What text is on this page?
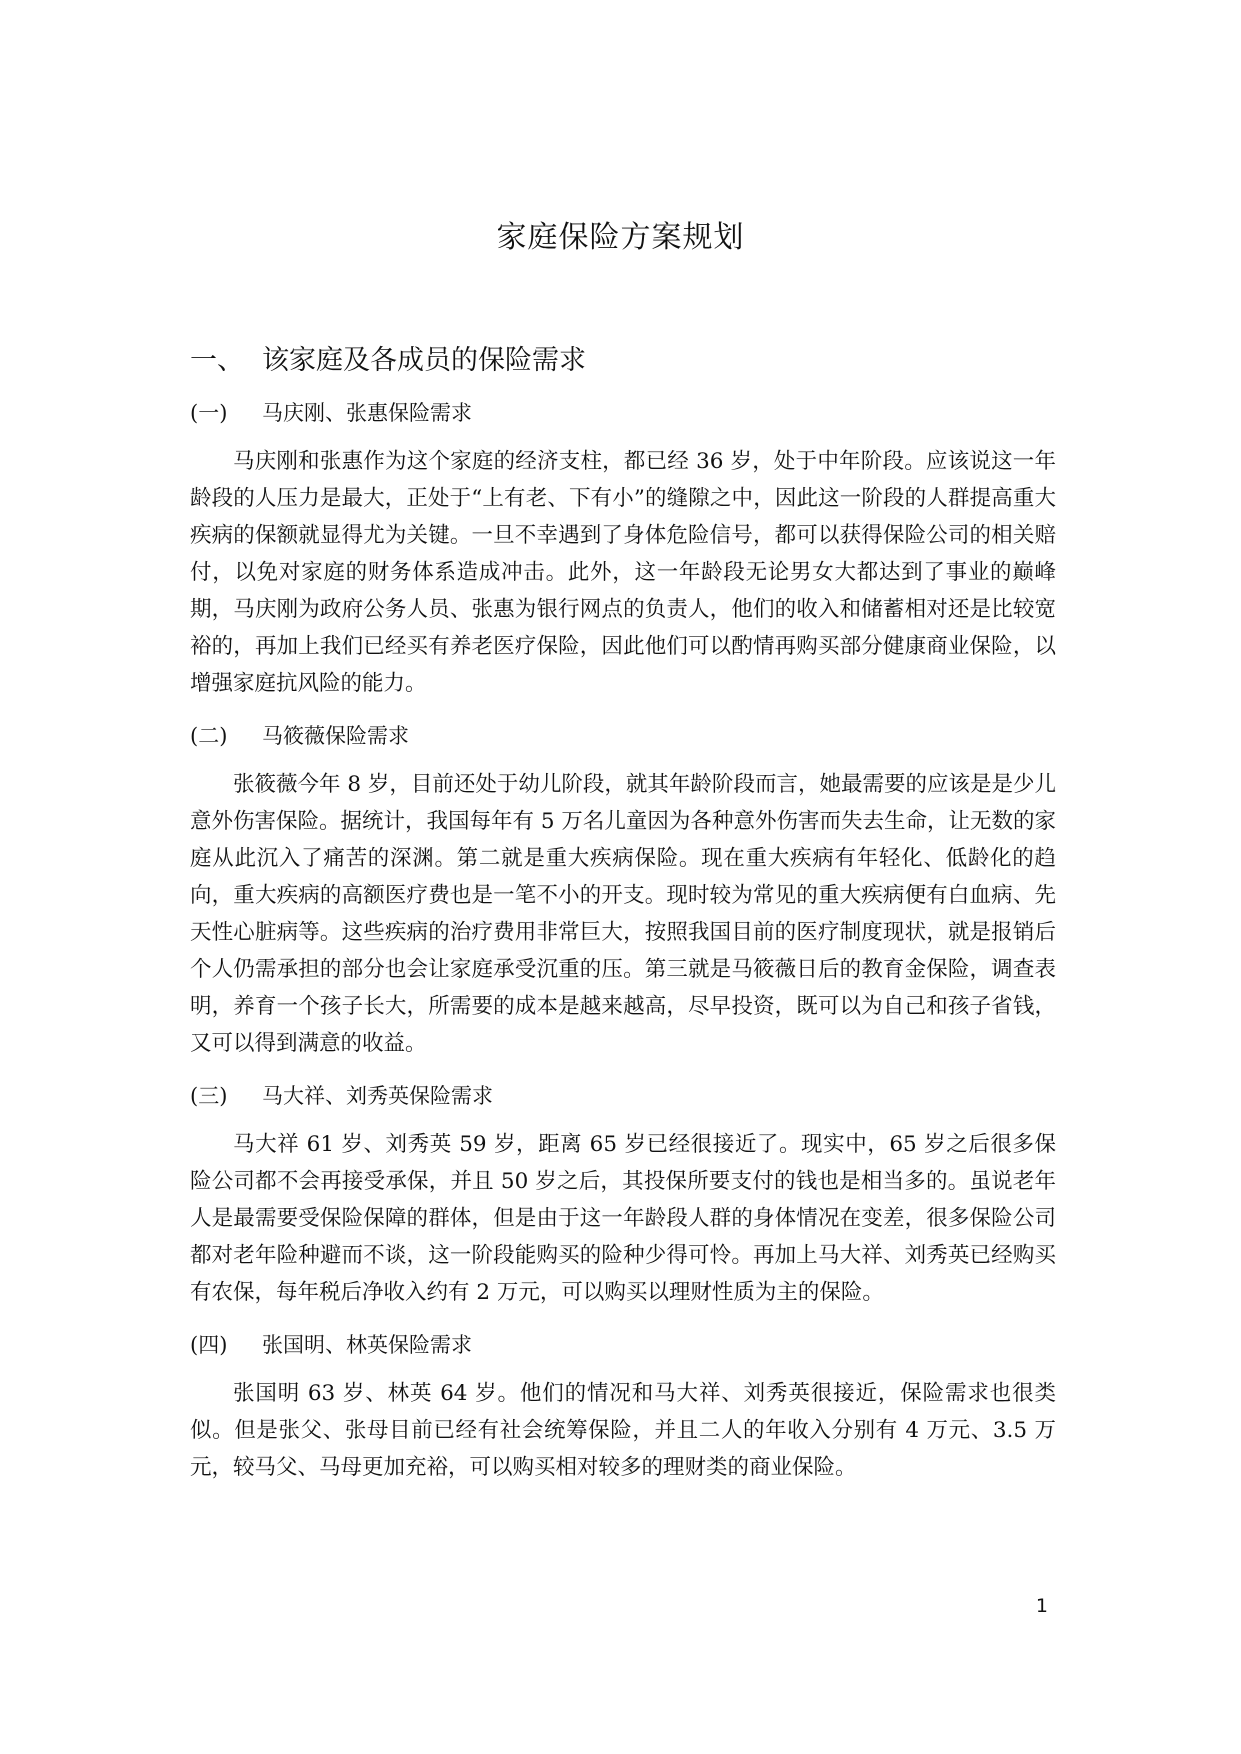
家庭保险方案规划
一、 该家庭及各成员的保险需求
(一)	马庆刚、张惠保险需求
马庆刚和张惠作为这个家庭的经济支柱，都已经 36 岁，处于中年阶段。应该说这一年龄段的人压力是最大，正处于“上有老、下有小”的缝隙之中，因此这一阶段的人群提高重大疾病的保额就显得尤为关键。一旦不幸遇到了身体危险信号，都可以获得保险公司的相关赔付，以免对家庭的财务体系造成冲击。此外，这一年龄段无论男女大都达到了事业的巅峰期，马庆刚为政府公务人员、张惠为银行网点的负责人，他们的收入和储蓄相对还是比较宽裕的，再加上我们已经买有养老医疗保险，因此他们可以酌情再购买部分健康商业保险，以增强家庭抗风险的能力。
(二)	马筱薇保险需求
张筱薇今年 8 岁，目前还处于幼儿阶段，就其年龄阶段而言，她最需要的应该是是少儿意外伤害保险。据统计，我国每年有 5 万名儿童因为各种意外伤害而失去生命，让无数的家庭从此沉入了痛苦的深渊。第二就是重大疾病保险。现在重大疾病有年轻化、低龄化的趋向，重大疾病的高额医疗费也是一笔不小的开支。现时较为常见的重大疾病便有白血病、先天性心脏病等。这些疾病的治疗费用非常巨大，按照我国目前的医疗制度现状，就是报销后个人仍需承担的部分也会让家庭承受沉重的压。第三就是马筱薇日后的教育金保险，调查表明，养育一个孩子长大，所需要的成本是越来越高，尽早投资，既可以为自己和孩子省钱，又可以得到满意的收益。
(三)	马大祥、刘秀英保险需求
马大祥 61 岁、刘秀英 59 岁，距离 65 岁已经很接近了。现实中，65 岁之后很多保险公司都不会再接受承保，并且 50 岁之后，其投保所要支付的钱也是相当多的。虽说老年人是最需要受保险保障的群体，但是由于这一年龄段人群的身体情况在变差，很多保险公司都对老年险种避而不谈，这一阶段能购买的险种少得可怜。再加上马大祥、刘秀英已经购买有农保，每年税后净收入约有 2 万元，可以购买以理财性质为主的保险。
(四)	张国明、林英保险需求
张国明 63 岁、林英 64 岁。他们的情况和马大祥、刘秀英很接近，保险需求也很类似。但是张父、张母目前已经有社会统筹保险，并且二人的年收入分别有 4 万元、3.5 万元，较马父、马母更加充裕，可以购买相对较多的理财类的商业保险。
1
